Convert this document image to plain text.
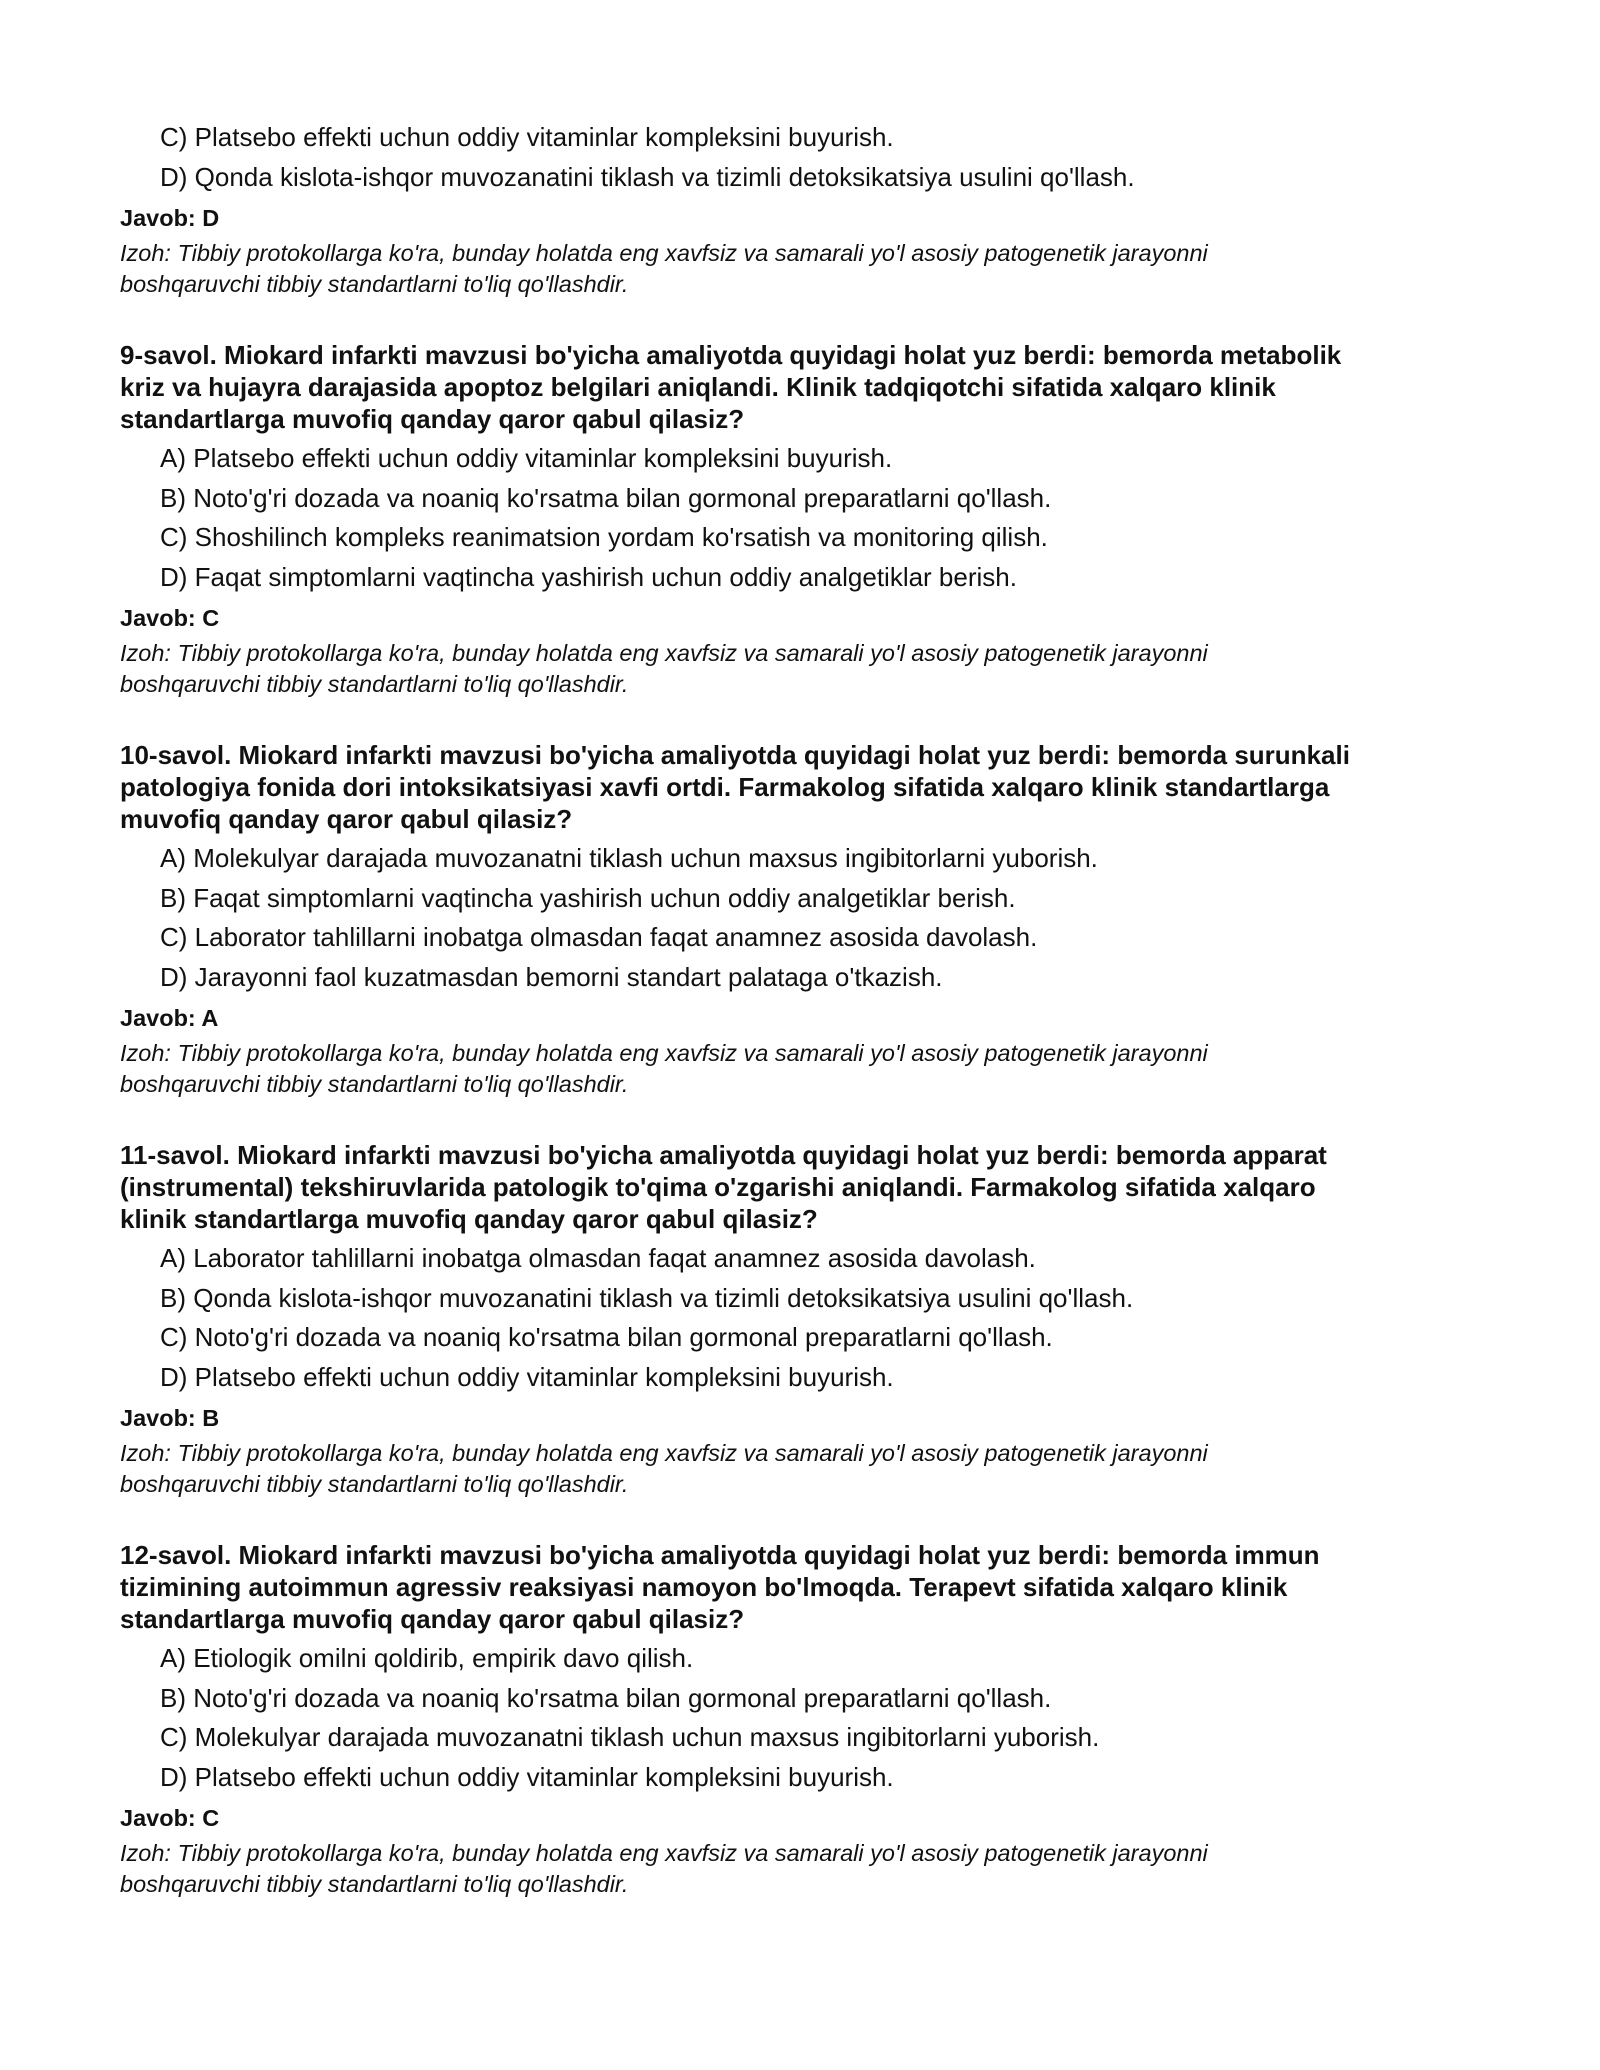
C) Platsebo effekti uchun oddiy vitaminlar kompleksini buyurish.
D) Qonda kislota-ishqor muvozanatini tiklash va tizimli detoksikatsiya usulini qo'llash.
Javob: D
Izoh: Tibbiy protokollarga ko'ra, bunday holatda eng xavfsiz va samarali yo'l asosiy patogenetik jarayonni
boshqaruvchi tibbiy standartlarni to'liq qo'llashdir.
9-savol. Miokard infarkti mavzusi bo'yicha amaliyotda quyidagi holat yuz berdi: bemorda metabolik
kriz va hujayra darajasida apoptoz belgilari aniqlandi. Klinik tadqiqotchi sifatida xalqaro klinik
standartlarga muvofiq qanday qaror qabul qilasiz?
A) Platsebo effekti uchun oddiy vitaminlar kompleksini buyurish.
B) Noto'g'ri dozada va noaniq ko'rsatma bilan gormonal preparatlarni qo'llash.
C) Shoshilinch kompleks reanimatsion yordam ko'rsatish va monitoring qilish.
D) Faqat simptomlarni vaqtincha yashirish uchun oddiy analgetiklar berish.
Javob: C
Izoh: Tibbiy protokollarga ko'ra, bunday holatda eng xavfsiz va samarali yo'l asosiy patogenetik jarayonni
boshqaruvchi tibbiy standartlarni to'liq qo'llashdir.
10-savol. Miokard infarkti mavzusi bo'yicha amaliyotda quyidagi holat yuz berdi: bemorda surunkali
patologiya fonida dori intoksikatsiyasi xavfi ortdi. Farmakolog sifatida xalqaro klinik standartlarga
muvofiq qanday qaror qabul qilasiz?
A) Molekulyar darajada muvozanatni tiklash uchun maxsus ingibitorlarni yuborish.
B) Faqat simptomlarni vaqtincha yashirish uchun oddiy analgetiklar berish.
C) Laborator tahlillarni inobatga olmasdan faqat anamnez asosida davolash.
D) Jarayonni faol kuzatmasdan bemorni standart palataga o'tkazish.
Javob: A
Izoh: Tibbiy protokollarga ko'ra, bunday holatda eng xavfsiz va samarali yo'l asosiy patogenetik jarayonni
boshqaruvchi tibbiy standartlarni to'liq qo'llashdir.
11-savol. Miokard infarkti mavzusi bo'yicha amaliyotda quyidagi holat yuz berdi: bemorda apparat
(instrumental) tekshiruvlarida patologik to'qima o'zgarishi aniqlandi. Farmakolog sifatida xalqaro
klinik standartlarga muvofiq qanday qaror qabul qilasiz?
A) Laborator tahlillarni inobatga olmasdan faqat anamnez asosida davolash.
B) Qonda kislota-ishqor muvozanatini tiklash va tizimli detoksikatsiya usulini qo'llash.
C) Noto'g'ri dozada va noaniq ko'rsatma bilan gormonal preparatlarni qo'llash.
D) Platsebo effekti uchun oddiy vitaminlar kompleksini buyurish.
Javob: B
Izoh: Tibbiy protokollarga ko'ra, bunday holatda eng xavfsiz va samarali yo'l asosiy patogenetik jarayonni
boshqaruvchi tibbiy standartlarni to'liq qo'llashdir.
12-savol. Miokard infarkti mavzusi bo'yicha amaliyotda quyidagi holat yuz berdi: bemorda immun
tizimining autoimmun agressiv reaksiyasi namoyon bo'lmoqda. Terapevt sifatida xalqaro klinik
standartlarga muvofiq qanday qaror qabul qilasiz?
A) Etiologik omilni qoldirib, empirik davo qilish.
B) Noto'g'ri dozada va noaniq ko'rsatma bilan gormonal preparatlarni qo'llash.
C) Molekulyar darajada muvozanatni tiklash uchun maxsus ingibitorlarni yuborish.
D) Platsebo effekti uchun oddiy vitaminlar kompleksini buyurish.
Javob: C
Izoh: Tibbiy protokollarga ko'ra, bunday holatda eng xavfsiz va samarali yo'l asosiy patogenetik jarayonni
boshqaruvchi tibbiy standartlarni to'liq qo'llashdir.
